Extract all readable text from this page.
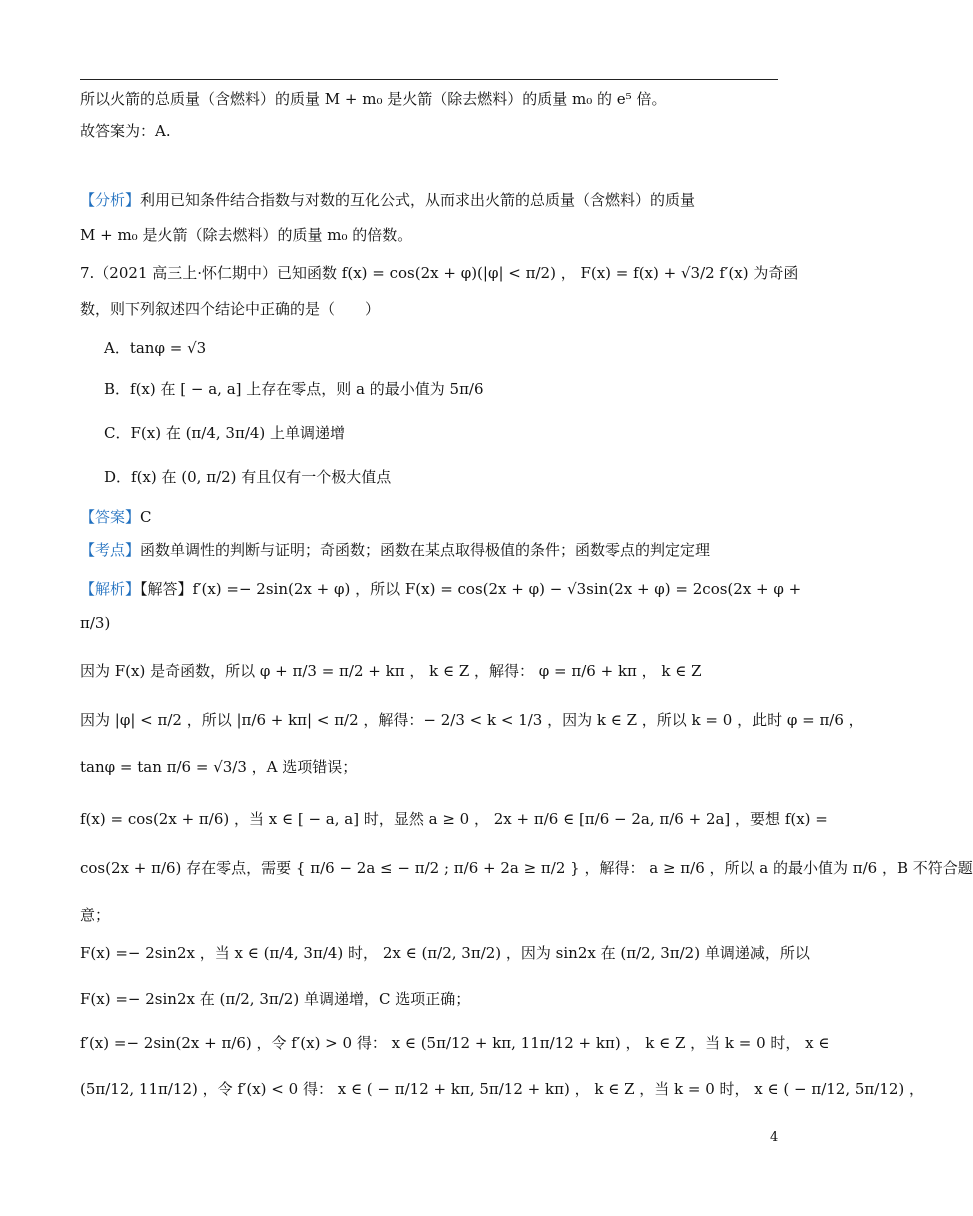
所以火箭的总质量（含燃料）的质量 M + m₀ 是火箭（除去燃料）的质量 m₀ 的 e⁵ 倍。
故答案为：A.
【分析】利用已知条件结合指数与对数的互化公式，从而求出火箭的总质量（含燃料）的质量
M + m₀ 是火箭（除去燃料）的质量 m₀ 的倍数。
7.（2021 高三上·怀仁期中）已知函数 f(x) = cos(2x + φ)(|φ| < π/2) ， F(x) = f(x) + √3/2 f′(x) 为奇函
数，则下列叙述四个结论中正确的是（　　）
A．tanφ = √3
B．f(x) 在 [ − a, a] 上存在零点，则 a 的最小值为 5π/6
C．F(x) 在 (π/4, 3π/4) 上单调递增
D．f(x) 在 (0, π/2) 有且仅有一个极大值点
【答案】C
【考点】函数单调性的判断与证明；奇函数；函数在某点取得极值的条件；函数零点的判定定理
【解析】【解答】f′(x) =− 2sin(2x + φ) ，所以 F(x) = cos(2x + φ) − √3sin(2x + φ) = 2cos(2x + φ +
π/3)
因为 F(x) 是奇函数，所以 φ + π/3 = π/2 + kπ ， k ∈ Z ，解得： φ = π/6 + kπ ， k ∈ Z
因为 |φ| < π/2 ，所以 |π/6 + kπ| < π/2 ，解得：− 2/3 < k < 1/3 ，因为 k ∈ Z ，所以 k = 0 ，此时 φ = π/6 ，
tanφ = tan π/6 = √3/3 ，A 选项错误；
f(x) = cos(2x + π/6) ，当 x ∈ [ − a, a] 时，显然 a ≥ 0 ， 2x + π/6 ∈ [π/6 − 2a, π/6 + 2a] ，要想 f(x) =
cos(2x + π/6) 存在零点，需要 { π/6 − 2a ≤ − π/2 ; π/6 + 2a ≥ π/2 } ，解得： a ≥ π/6 ，所以 a 的最小值为 π/6 ，B 不符合题
意；
F(x) =− 2sin2x ，当 x ∈ (π/4, 3π/4) 时， 2x ∈ (π/2, 3π/2) ，因为 sin2x 在 (π/2, 3π/2) 单调递减，所以
F(x) =− 2sin2x 在 (π/2, 3π/2) 单调递增，C 选项正确；
f′(x) =− 2sin(2x + π/6) ，令 f′(x) > 0 得： x ∈ (5π/12 + kπ, 11π/12 + kπ) ， k ∈ Z ，当 k = 0 时， x ∈
(5π/12, 11π/12) ，令 f′(x) < 0 得： x ∈ ( − π/12 + kπ, 5π/12 + kπ) ， k ∈ Z ，当 k = 0 时， x ∈ ( − π/12, 5π/12) ，
4
